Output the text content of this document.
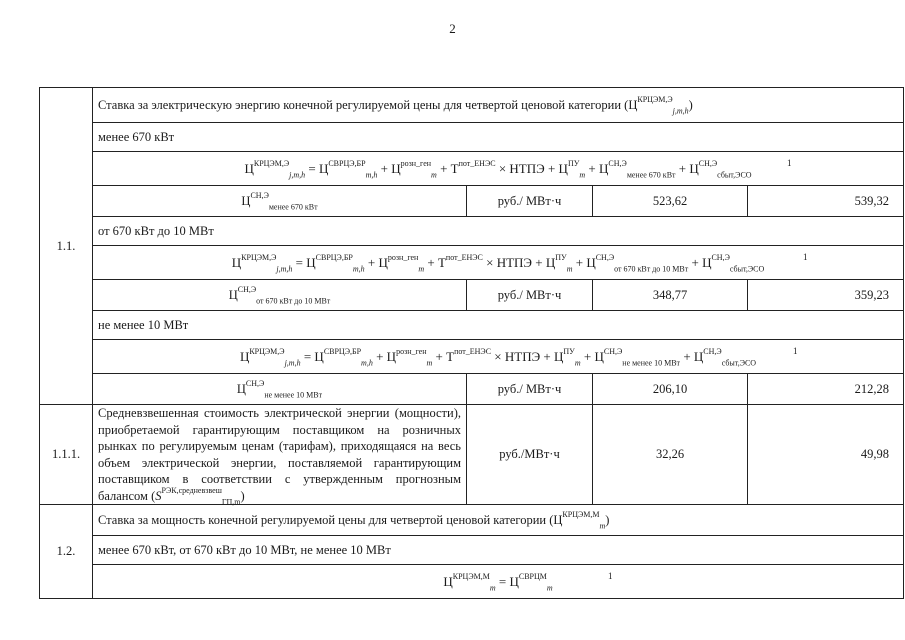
2
1.1.	Ставка за электрическую энергию конечной регулируемой цены для четвертой ценовой категории $(Ц^{КРЦЭМ,Э}_{j,m,h})$			
	менее 670 кВт			
	$Ц^{КРЦЭМ,Э}_{j,m,h} = Ц^{СВРЦЭ,БР}_{m,h} + Ц^{розн\_ген}_m + Т^{пот\_ЕНЭС}$ × НТПЭ + $Ц^{ПУ}_m + Ц^{СН,Э}_{менее 670 кВт} + Ц^{СН,Э}_{сбыт,ЭСО}$
1			

	$Ц^{СН,Э}_{менее 670 кВт}$	руб./ МВт·ч	523,62	539,32
	от 670 кВт до 10 МВт			
	$Ц^{КРЦЭМ,Э}_{j,m,h} = Ц^{СВРЦЭ,БР}_{m,h} + Ц^{розн\_ген}_m + Т^{пот\_ЕНЭС}$ × НТПЭ + $Ц^{ПУ}_m + Ц^{СН,Э}_{от 670 кВт до 10 МВт} + Ц^{СН,Э}_{сбыт,ЭСО}$
1			

	$Ц^{СН,Э}_{от 670 кВт до 10 МВт}$	руб./ МВт·ч	348,77	359,23
	не менее 10 МВт			
	$Ц^{КРЦЭМ,Э}_{j,m,h} = Ц^{СВРЦЭ,БР}_{m,h} + Ц^{розн\_ген}_m + Т^{пот\_ЕНЭС}$ × НТПЭ + $Ц^{ПУ}_m + Ц^{СН,Э}_{не менее 10 МВт} + Ц^{СН,Э}_{сбыт,ЭСО}$
1			

	$Ц^{СН,Э}_{не менее 10 МВт}$	руб./ МВт·ч	206,10	212,28
1.1.1.	Средневзвешенная стоимость электрической энергии (мощности), приобретаемой гарантирующим поставщиком на розничных рынках по регулируемым ценам (тарифам), приходящаяся на весь объем электрической энергии, поставляемой гарантирующим поставщиком в соответствии с утвержденным прогнозным балансом $(S^{РЭК,средневзвеш}_{ГП,m})$	руб./МВт·ч	32,26	49,98
1.2.	Ставка за мощность конечной регулируемой цены для четвертой ценовой категории $(Ц^{КРЦЭМ,М}_m)$			
	менее 670 кВт, от 670 кВт до 10 МВт, не менее 10 МВт			
	$Ц^{КРЦЭМ,М}_m = Ц^{СВРЦМ}_m$
1			
